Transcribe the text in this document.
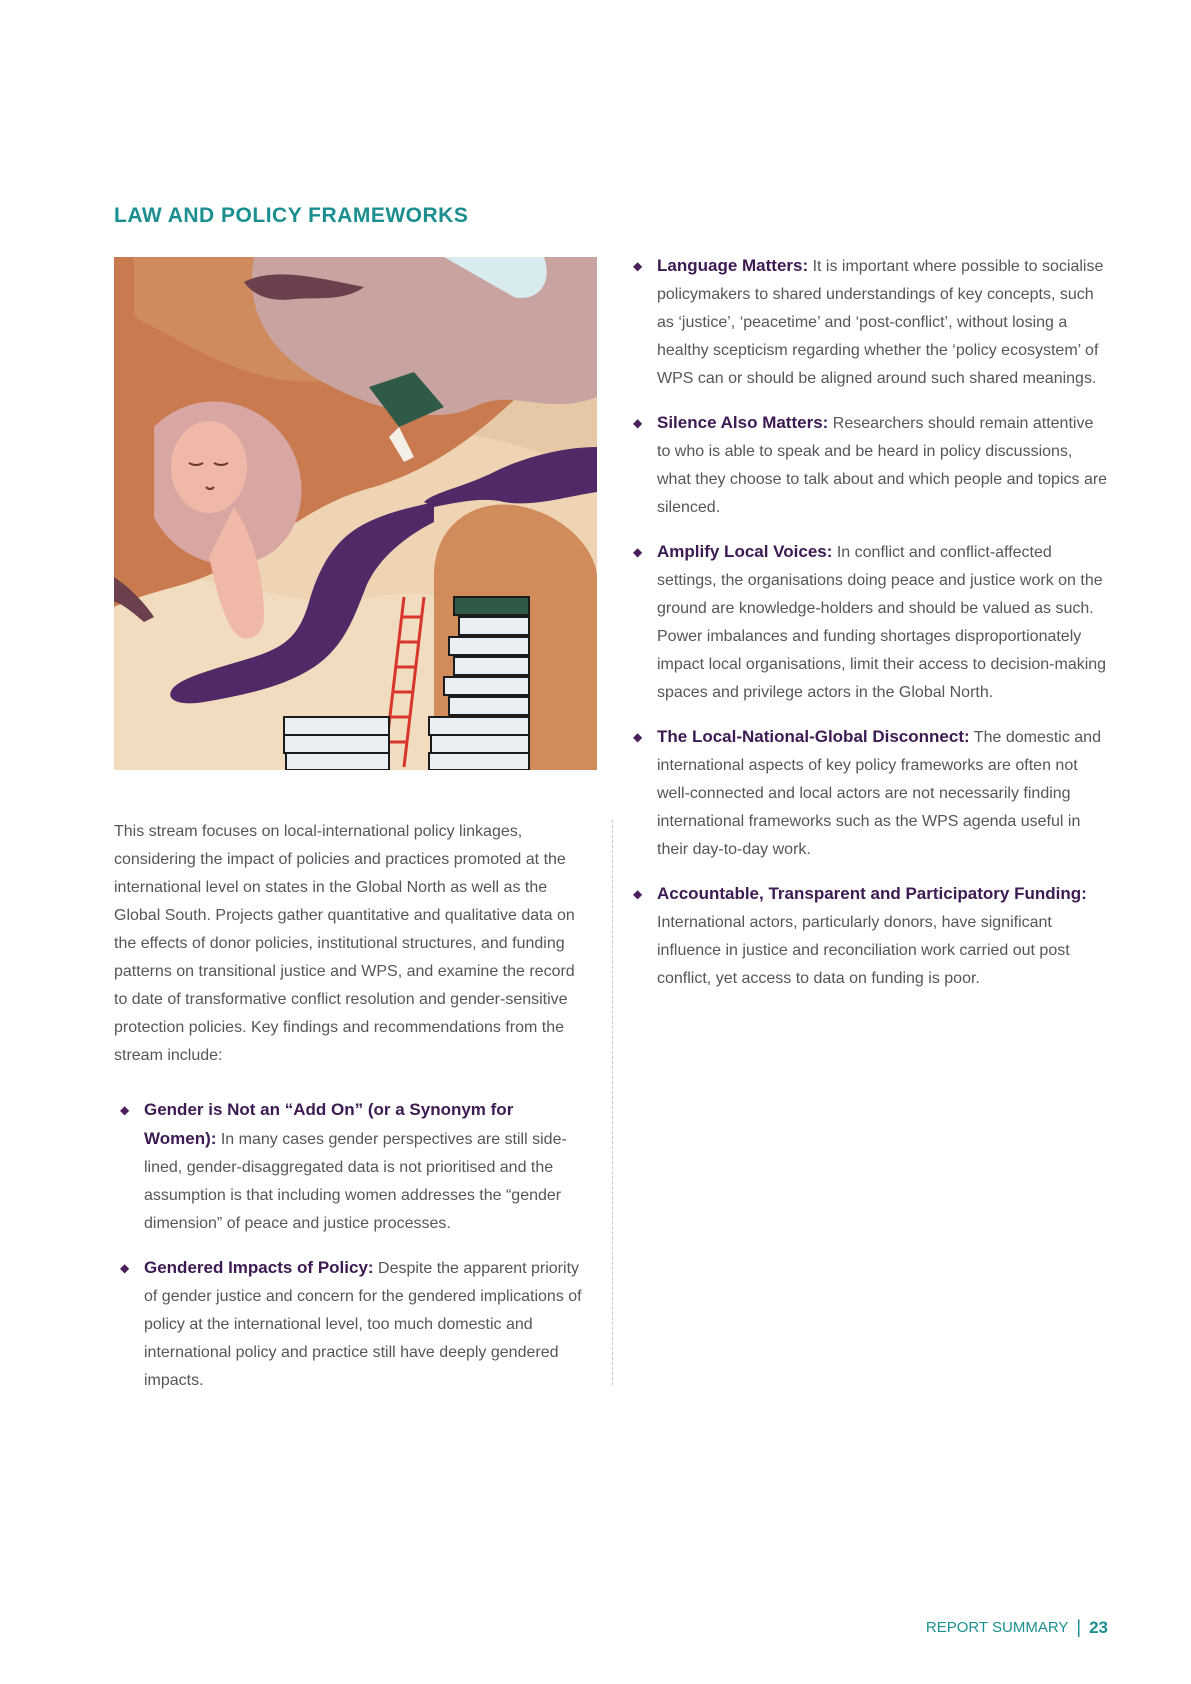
LAW AND POLICY FRAMEWORKS

This stream focuses on local-international policy linkages, considering the impact of policies and practices promoted at the international level on states in the Global North as well as the Global South. Projects gather quantitative and qualitative data on the effects of donor policies, institutional structures, and funding patterns on transitional justice and WPS, and examine the record to date of transformative conflict resolution and gender-sensitive protection policies. Key findings and recommendations from the stream include:

◆ Gender is Not an “Add On” (or a Synonym for Women): In many cases gender perspectives are still side-lined, gender-disaggregated data is not prioritised and the assumption is that including women addresses the “gender dimension” of peace and justice processes.
◆ Gendered Impacts of Policy: Despite the apparent priority of gender justice and concern for the gendered implications of policy at the international level, too much domestic and international policy and practice still have deeply gendered impacts.
◆ Language Matters: It is important where possible to socialise policymakers to shared understandings of key concepts, such as ‘justice’, ‘peacetime’ and ‘post-conflict’, without losing a healthy scepticism regarding whether the ‘policy ecosystem’ of WPS can or should be aligned around such shared meanings.
◆ Silence Also Matters: Researchers should remain attentive to who is able to speak and be heard in policy discussions, what they choose to talk about and which people and topics are silenced.
◆ Amplify Local Voices: In conflict and conflict-affected settings, the organisations doing peace and justice work on the ground are knowledge-holders and should be valued as such. Power imbalances and funding shortages disproportionately impact local organisations, limit their access to decision-making spaces and privilege actors in the Global North.
◆ The Local-National-Global Disconnect: The domestic and international aspects of key policy frameworks are often not well-connected and local actors are not necessarily finding international frameworks such as the WPS agenda useful in their day-to-day work.
◆ Accountable, Transparent and Participatory Funding: International actors, particularly donors, have significant influence in justice and reconciliation work carried out post conflict, yet access to data on funding is poor.
REPORT SUMMARY | 23
